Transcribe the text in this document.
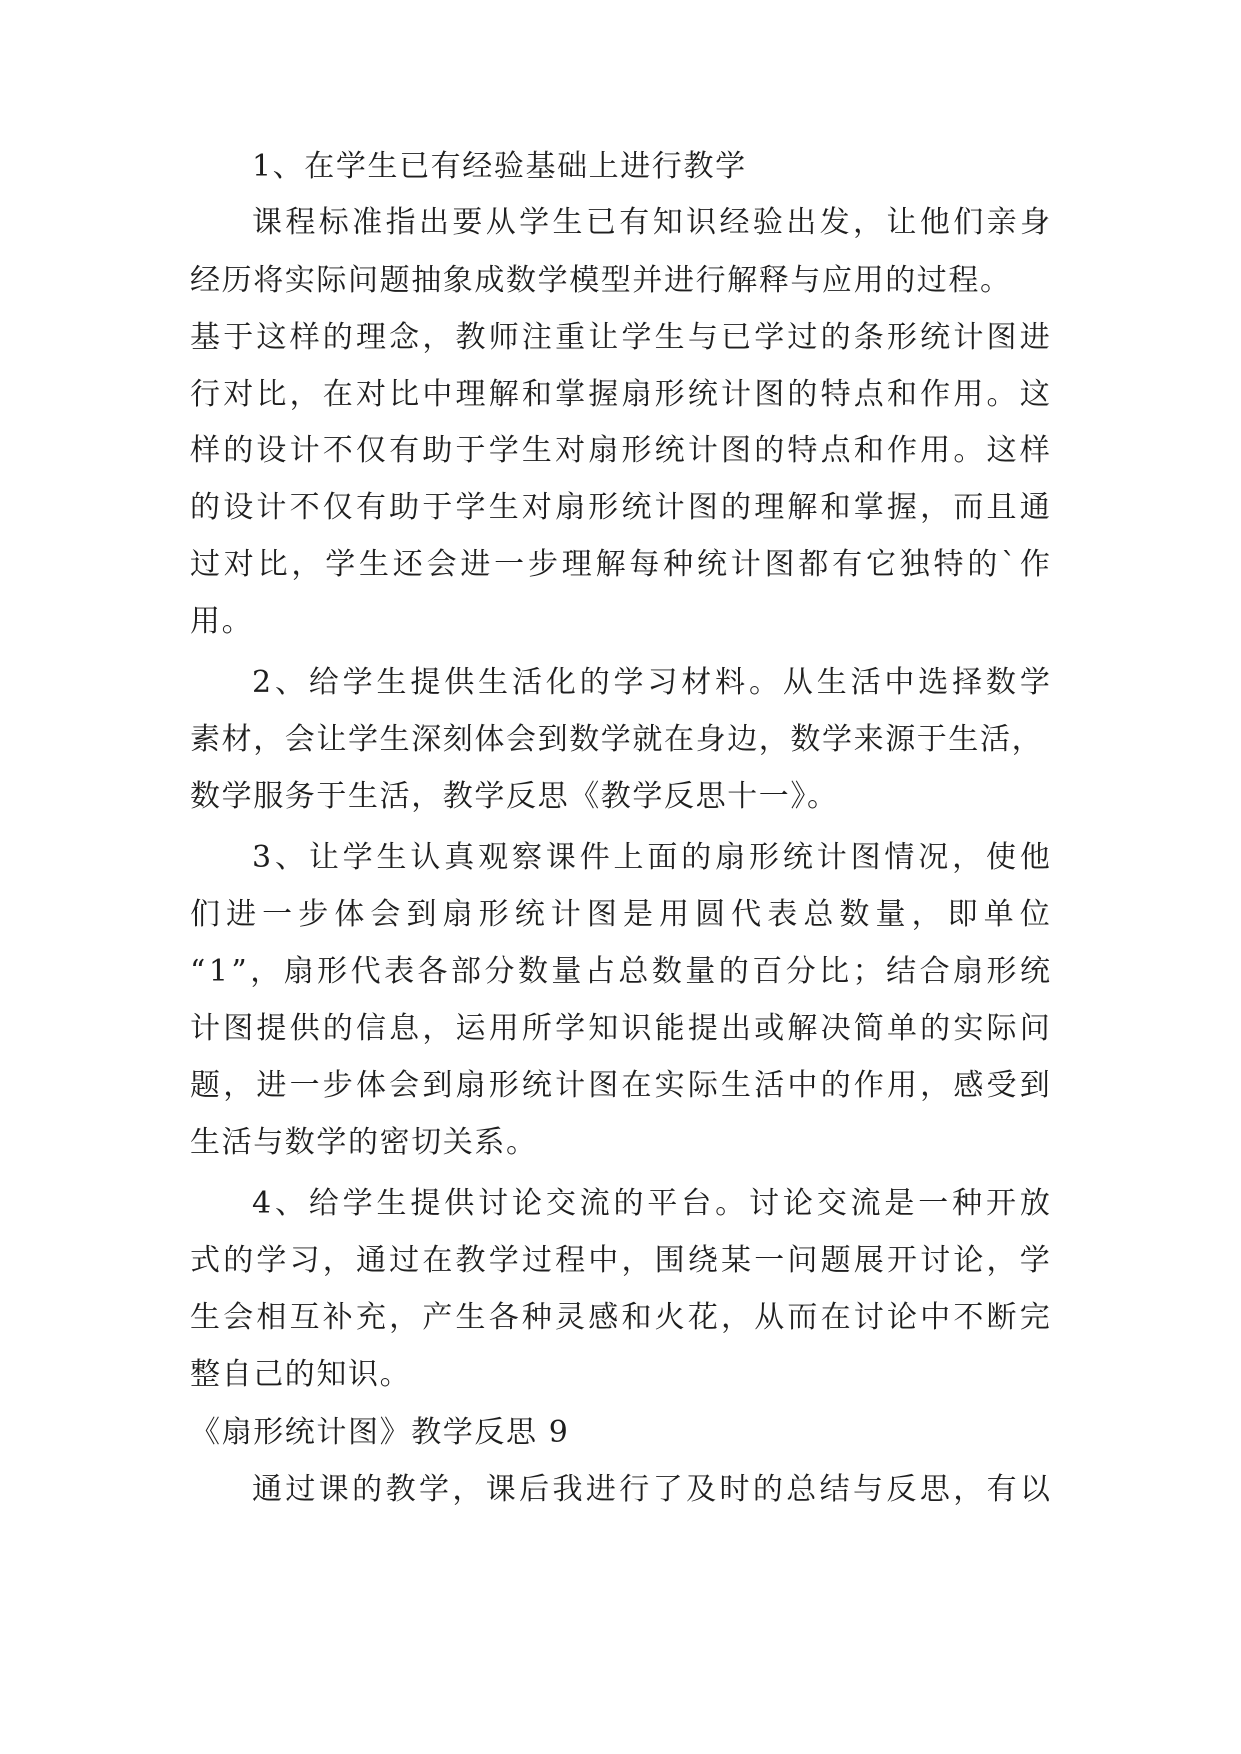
1、在学生已有经验基础上进行教学
课 程 标 准 指 出 要 从 学 生 已 有 知 识 经 验 出 发 ， 让 他 们 亲 身
经历将实际问题抽象成数学模型并进行解释与应用的过程。
基 于 这 样 的 理 念 ， 教 师 注 重 让 学 生 与 已 学 过 的 条 形 统 计 图 进
行 对 比 ， 在 对 比 中 理 解 和 掌 握 扇 形 统 计 图 的 特 点 和 作 用 。 这
样 的 设 计 不 仅 有 助 于 学 生 对 扇 形 统 计 图 的 特 点 和 作 用 。 这 样
的 设 计 不 仅 有 助 于 学 生 对 扇 形 统 计 图 的 理 解 和 掌 握 ， 而 且 通
过 对 比 ， 学 生 还 会 进 一 步 理 解 每 种 统 计 图 都 有 它 独 特 的 ` 作
用。
2 、 给 学 生 提 供 生 活 化 的 学 习 材 料 。 从 生 活 中 选 择 数 学
素材，会让学生深刻体会到数学就在身边，数学来源于生活，
数学服务于生活，教学反思《教学反思十一》。
3 、 让 学 生 认 真 观 察 课 件 上 面 的 扇 形 统 计 图 情 况 ， 使 他
们 进 一 步 体 会 到 扇 形 统 计 图 是 用 圆 代 表 总 数 量 ， 即 单 位
“ 1 ” ， 扇 形 代 表 各 部 分 数 量 占 总 数 量 的 百 分 比 ； 结 合 扇 形 统
计 图 提 供 的 信 息 ， 运 用 所 学 知 识 能 提 出 或 解 决 简 单 的 实 际 问
题 ， 进 一 步 体 会 到 扇 形 统 计 图 在 实 际 生 活 中 的 作 用 ， 感 受 到
生活与数学的密切关系。
4 、 给 学 生 提 供 讨 论 交 流 的 平 台 。 讨 论 交 流 是 一 种 开 放
式 的 学 习 ， 通 过 在 教 学 过 程 中 ， 围 绕 某 一 问 题 展 开 讨 论 ， 学
生 会 相 互 补 充 ， 产 生 各 种 灵 感 和 火 花 ， 从 而 在 讨 论 中 不 断 完
整自己的知识。
《扇形统计图》教学反思 9
通 过 课 的 教 学 ， 课 后 我 进 行 了 及 时 的 总 结 与 反 思 ， 有 以
